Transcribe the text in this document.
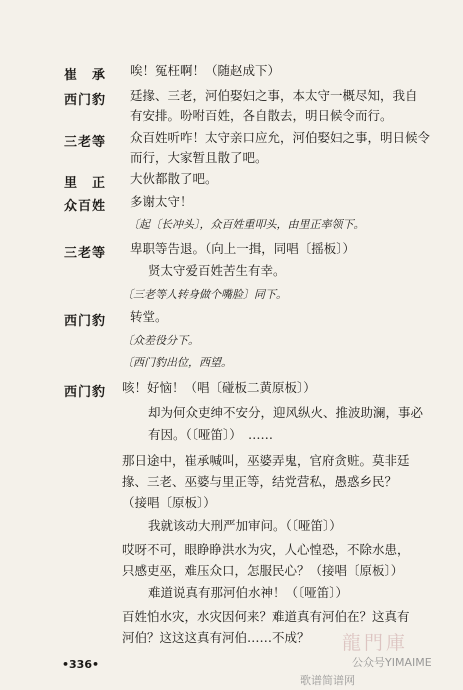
崔　承	唉！冤枉啊！（随赵成下）
西门豹	廷掾、三老，河伯娶妇之事，本太守一概尽知，我自
有安排。吩咐百姓，各自散去，明日候令而行。
三老等	众百姓听咋！太守亲口应允，河伯娶妇之事，明日候令
而行，大家暂且散了吧。
里　正	大伙都散了吧。
众百姓	多谢太守！
〔起〔长冲头〕，众百姓重叩头，由里正率领下。
三老等	卑职等告退。（向上一揖，同唱〔摇板〕）
贤太守爱百姓苦生有幸。
〔三老等人转身做个嘴脸〕同下。
西门豹	转堂。
〔众差役分下。
〔西门豹出位，西望。
西门豹	咳！好恼！（唱〔碰板二黄原板〕）
却为何众吏绅不安分，迎风纵火、推波助澜，事必
有因。（〔哑笛〕）　……
那日途中，崔承喊叫，巫婆弄鬼，官府贪赃。莫非廷
掾、三老、巫婆与里正等，结党营私，愚惑乡民？
（接唱〔原板〕）
我就该动大刑严加审问。（〔哑笛〕）
哎呀不可，眼睁睁洪水为灾，人心惶恐，不除水患，
只感吏巫，难压众口，怎服民心？（接唱〔原板〕）
难道说真有那河伯水神！（〔哑笛〕）
百姓怕水灾，水灾因何来？难道真有河伯在？这真有
河伯？这这这真有河伯……不成？
•336•
龍門庫
公众号YIMAIME
歌谱简谱网
